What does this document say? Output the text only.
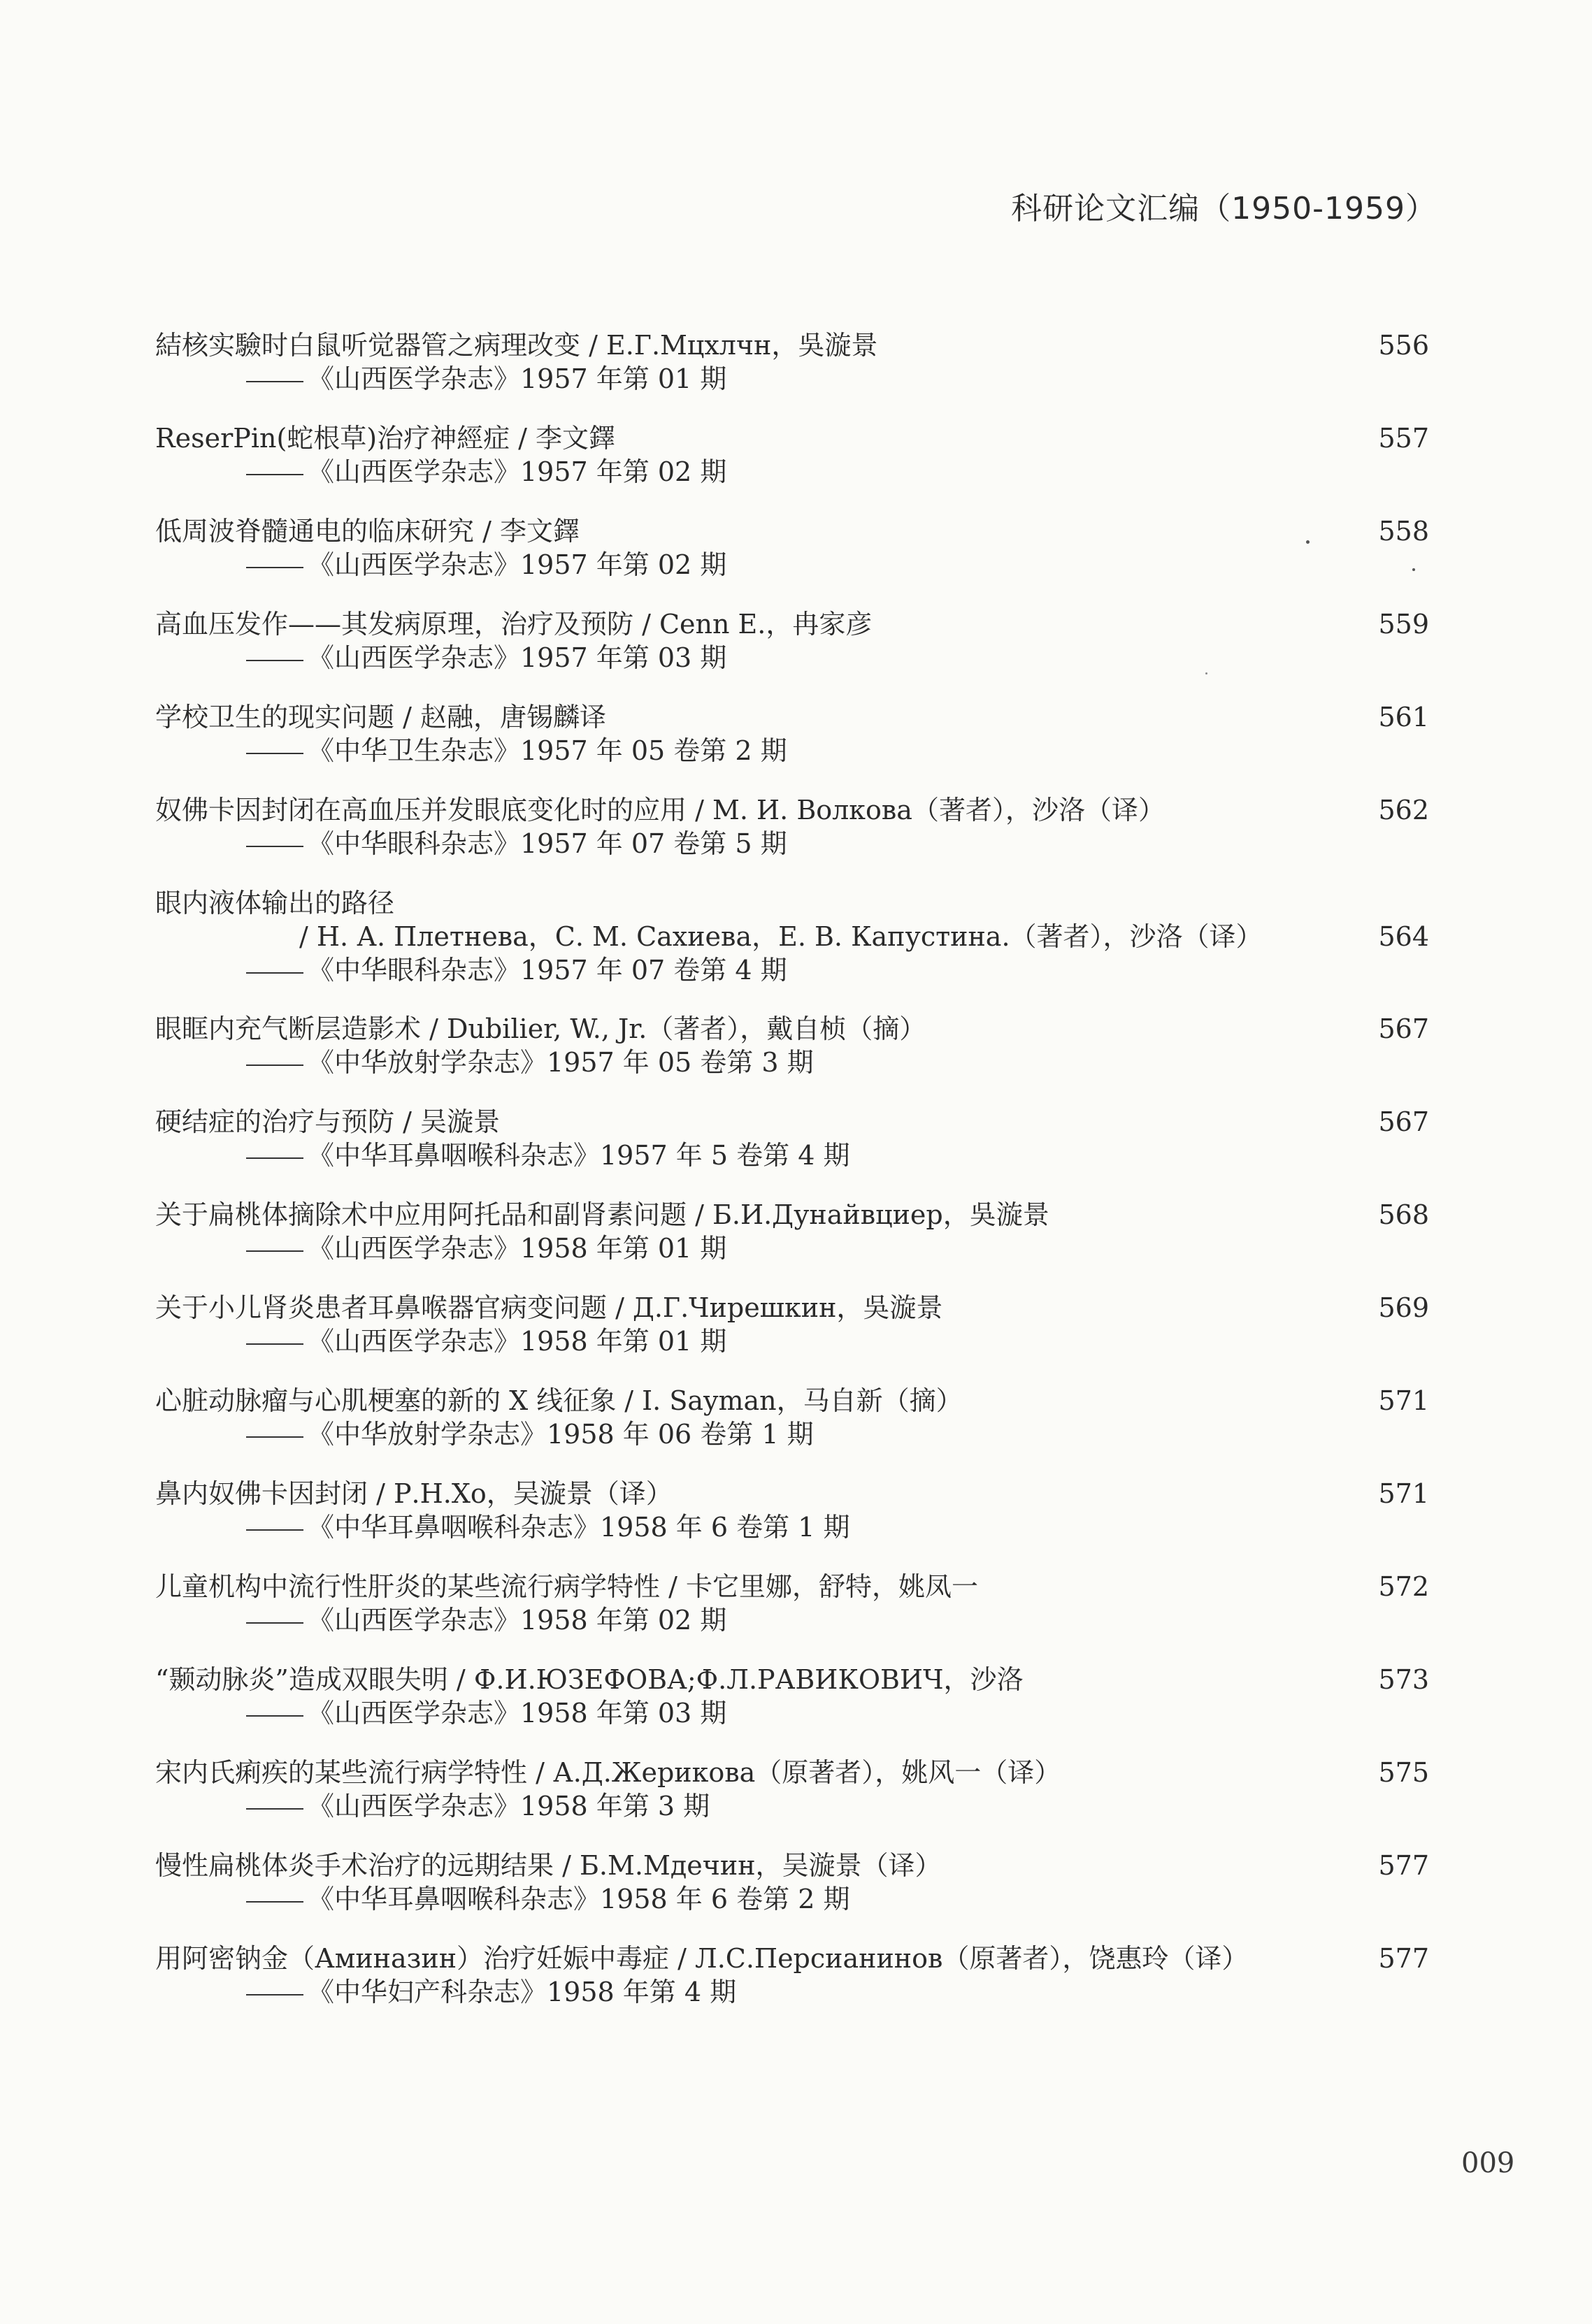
科研论文汇编（1950-1959）
結核实驗时白鼠听觉器管之病理改变 / Е.Г.Мцхлчн，吳漩景
《山西医学杂志》1957 年第 01 期
556
ReserPin(蛇根草)治疗神經症 / 李文鐸
《山西医学杂志》1957 年第 02 期
557
低周波脊髓通电的临床研究 / 李文鐸
《山西医学杂志》1957 年第 02 期
558
高血压发作——其发病原理，治疗及预防 / Cenn E.，冉家彦
《山西医学杂志》1957 年第 03 期
559
学校卫生的现实问题 / 赵融，唐锡麟译
《中华卫生杂志》1957 年 05 卷第 2 期
561
奴佛卡因封闭在高血压并发眼底变化时的应用 / М. И. Волкова（著者），沙洛（译）
《中华眼科杂志》1957 年 07 卷第 5 期
562
眼内液体输出的路径
/ Н. А. Плетнева，С. М. Сахиева，Е. В. Капустина.（著者），沙洛（译）
《中华眼科杂志》1957 年 07 卷第 4 期
564
眼眶内充气断层造影术 / Dubilier, W., Jr.（著者），戴自桢（摘）
《中华放射学杂志》1957 年 05 卷第 3 期
567
硬结症的治疗与预防 / 吴漩景
《中华耳鼻咽喉科杂志》1957 年 5 卷第 4 期
567
关于扁桃体摘除术中应用阿托品和副肾素问题 / Б.И.Дунайвциер，吳漩景
《山西医学杂志》1958 年第 01 期
568
关于小儿肾炎患者耳鼻喉器官病变问题 / Д.Г.Чирешкин，吳漩景
《山西医学杂志》1958 年第 01 期
569
心脏动脉瘤与心肌梗塞的新的 X 线征象 / I. Sayman，马自新（摘）
《中华放射学杂志》1958 年 06 卷第 1 期
571
鼻内奴佛卡因封闭 / Р.Н.Хо，吴漩景（译）
《中华耳鼻咽喉科杂志》1958 年 6 卷第 1 期
571
儿童机构中流行性肝炎的某些流行病学特性 / 卡它里娜，舒特，姚凤一
《山西医学杂志》1958 年第 02 期
572
“颞动脉炎”造成双眼失明 / Ф.И.ЮЗЕФОВА;Ф.Л.РАВИКОВИЧ，沙洛
《山西医学杂志》1958 年第 03 期
573
宋内氏痢疾的某些流行病学特性 / А.Д.Жерикова（原著者），姚风一（译）
《山西医学杂志》1958 年第 3 期
575
慢性扁桃体炎手术治疗的远期结果 / Б.М.Мдечин，吴漩景（译）
《中华耳鼻咽喉科杂志》1958 年 6 卷第 2 期
577
用阿密钠金（Аминазин）治疗妊娠中毒症 / Л.С.Персианинов（原著者），饶惠玲（译）
《中华妇产科杂志》1958 年第 4 期
577
009
